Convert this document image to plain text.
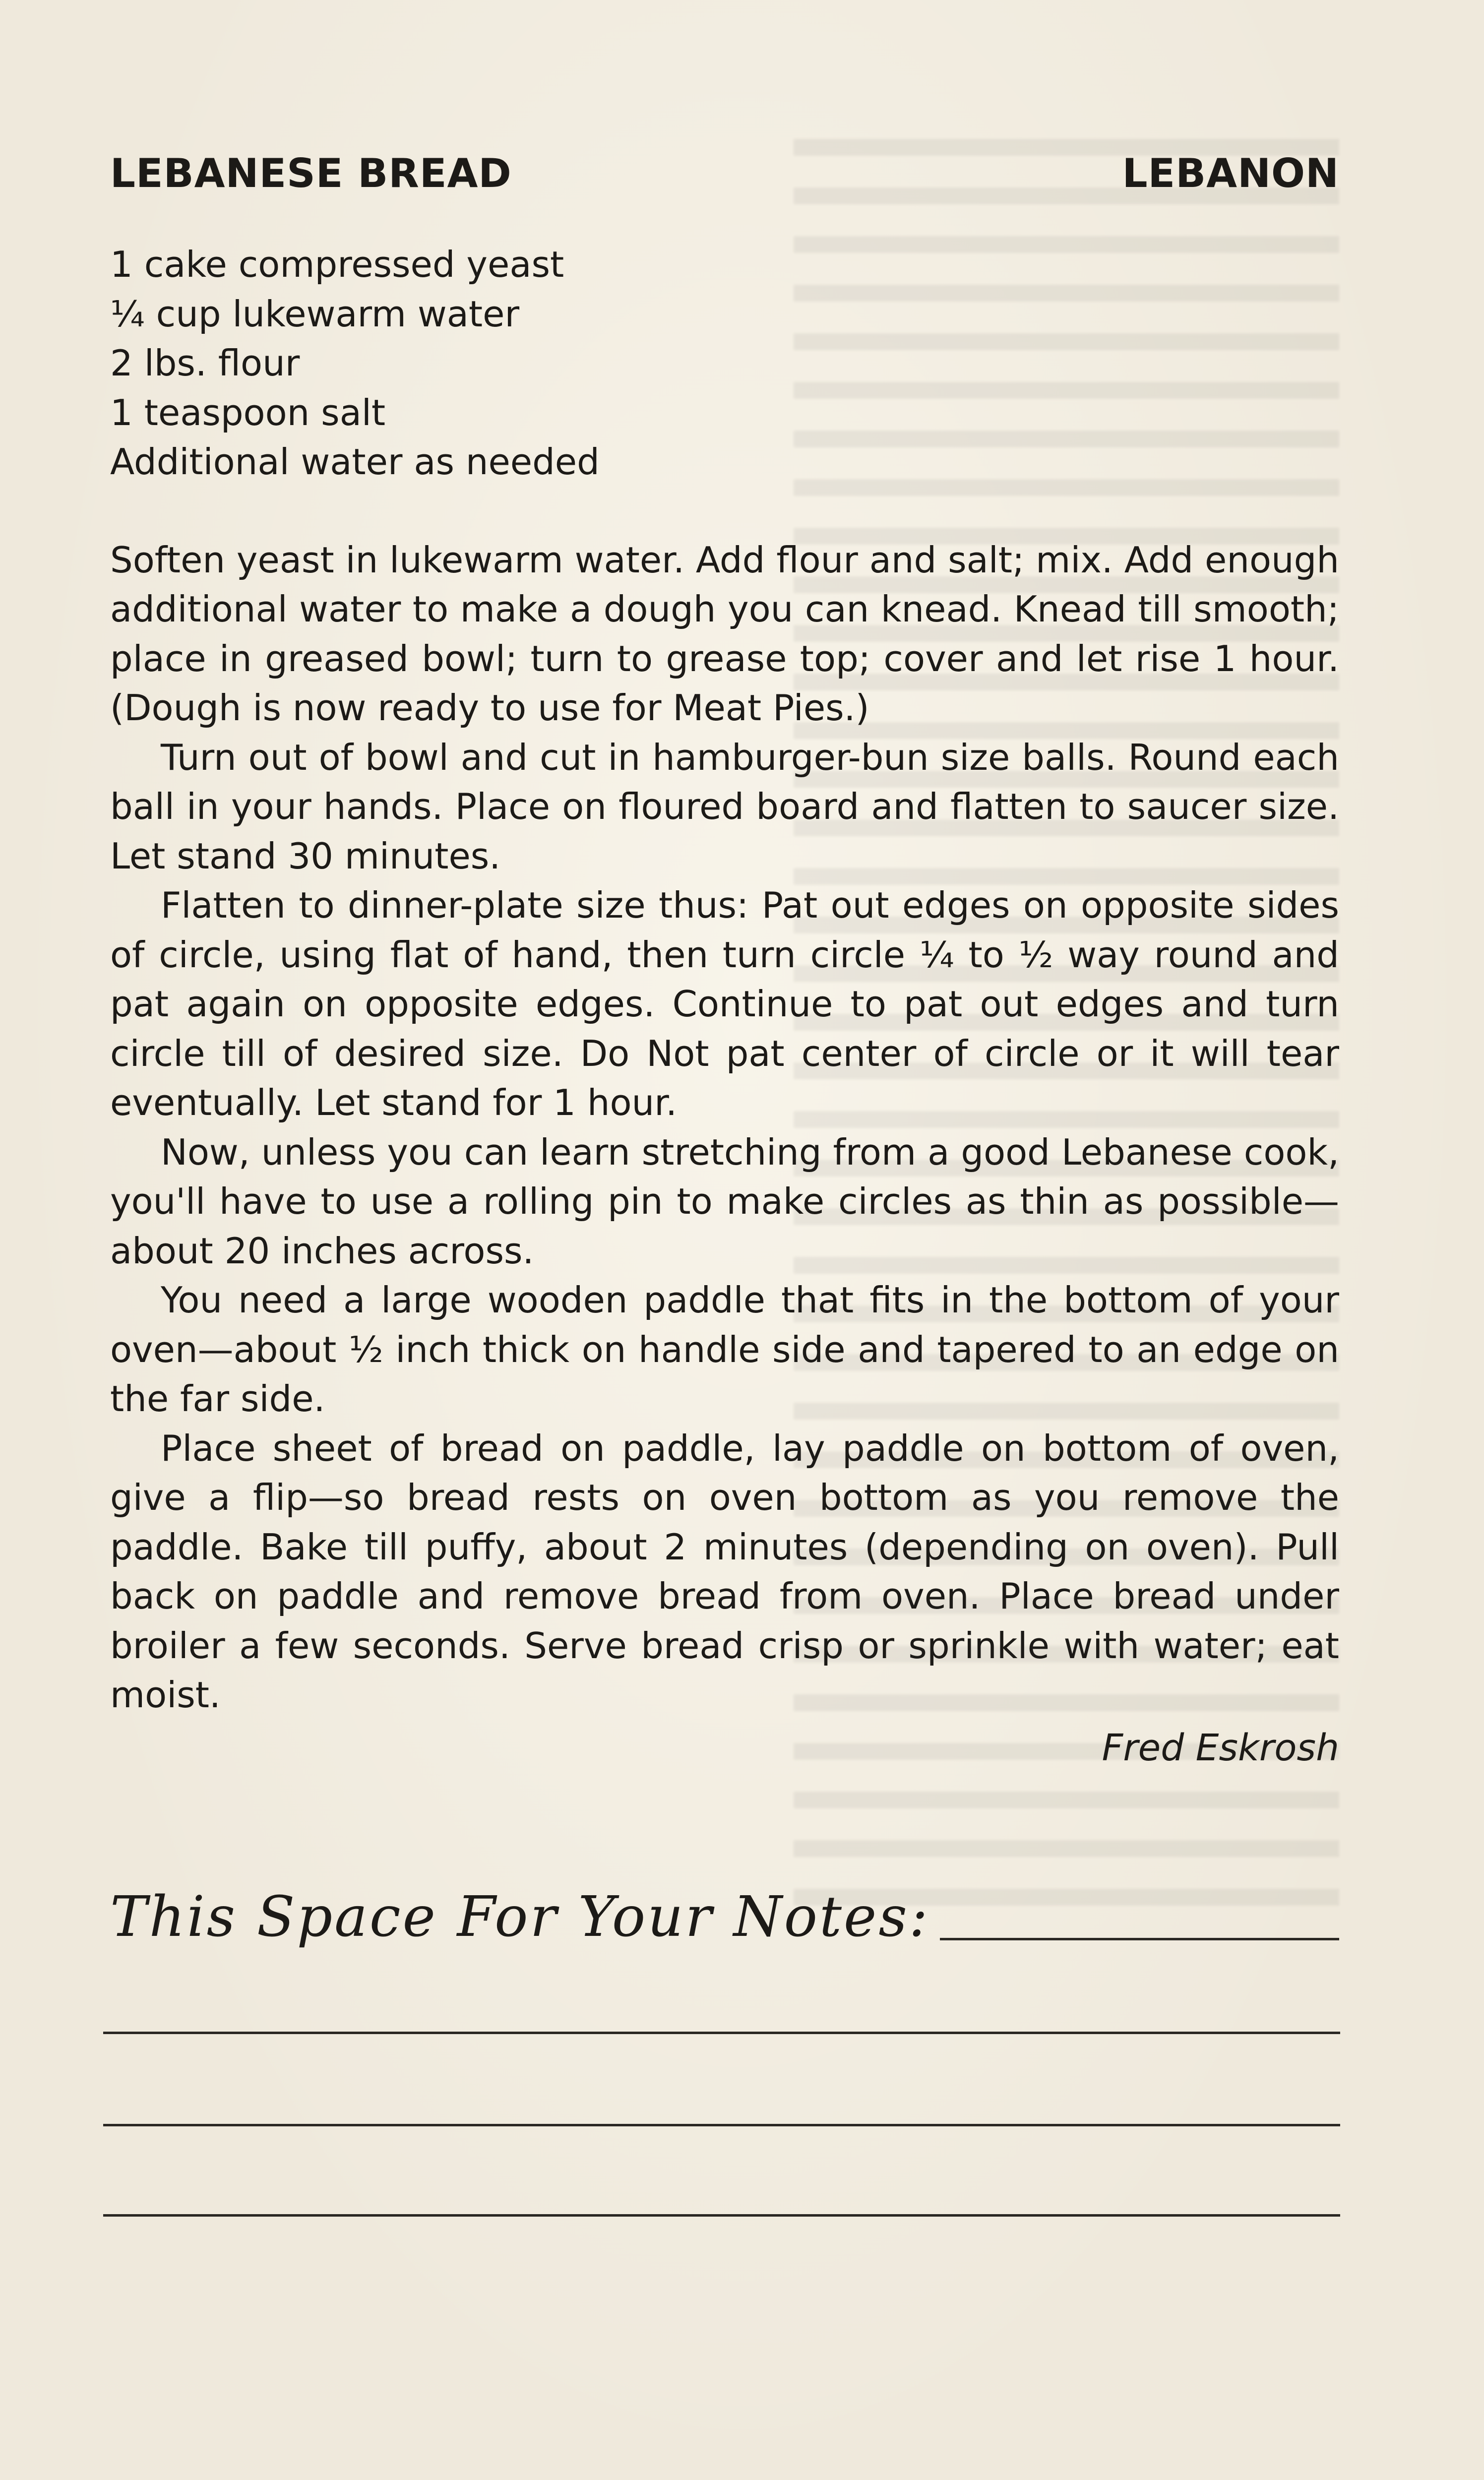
LEBANESE BREAD	LEBANON
1 cake compressed yeast
¼ cup lukewarm water
2 lbs. flour
1 teaspoon salt
Additional water as needed

Soften yeast in lukewarm water. Add flour and salt; mix. Add enough additional water to make a dough you can knead. Knead till smooth; place in greased bowl; turn to grease top; cover and let rise 1 hour. (Dough is now ready to use for Meat Pies.)

Turn out of bowl and cut in hamburger-bun size balls. Round each ball in your hands. Place on floured board and flatten to saucer size. Let stand 30 minutes.

Flatten to dinner-plate size thus: Pat out edges on opposite sides of circle, using flat of hand, then turn circle ¼ to ½ way round and pat again on opposite edges. Continue to pat out edges and turn circle till of desired size. Do Not pat center of circle or it will tear eventually. Let stand for 1 hour.

Now, unless you can learn stretching from a good Lebanese cook, you'll have to use a rolling pin to make circles as thin as possible—about 20 inches across.

You need a large wooden paddle that fits in the bottom of your oven—about ½ inch thick on handle side and tapered to an edge on the far side.

Place sheet of bread on paddle, lay paddle on bottom of oven, give a flip—so bread rests on oven bottom as you remove the paddle. Bake till puffy, about 2 minutes (depending on oven). Pull back on paddle and remove bread from oven. Place bread under broiler a few seconds. Serve bread crisp or sprinkle with water; eat moist.

Fred Eskrosh
This Space For Your Notes:
